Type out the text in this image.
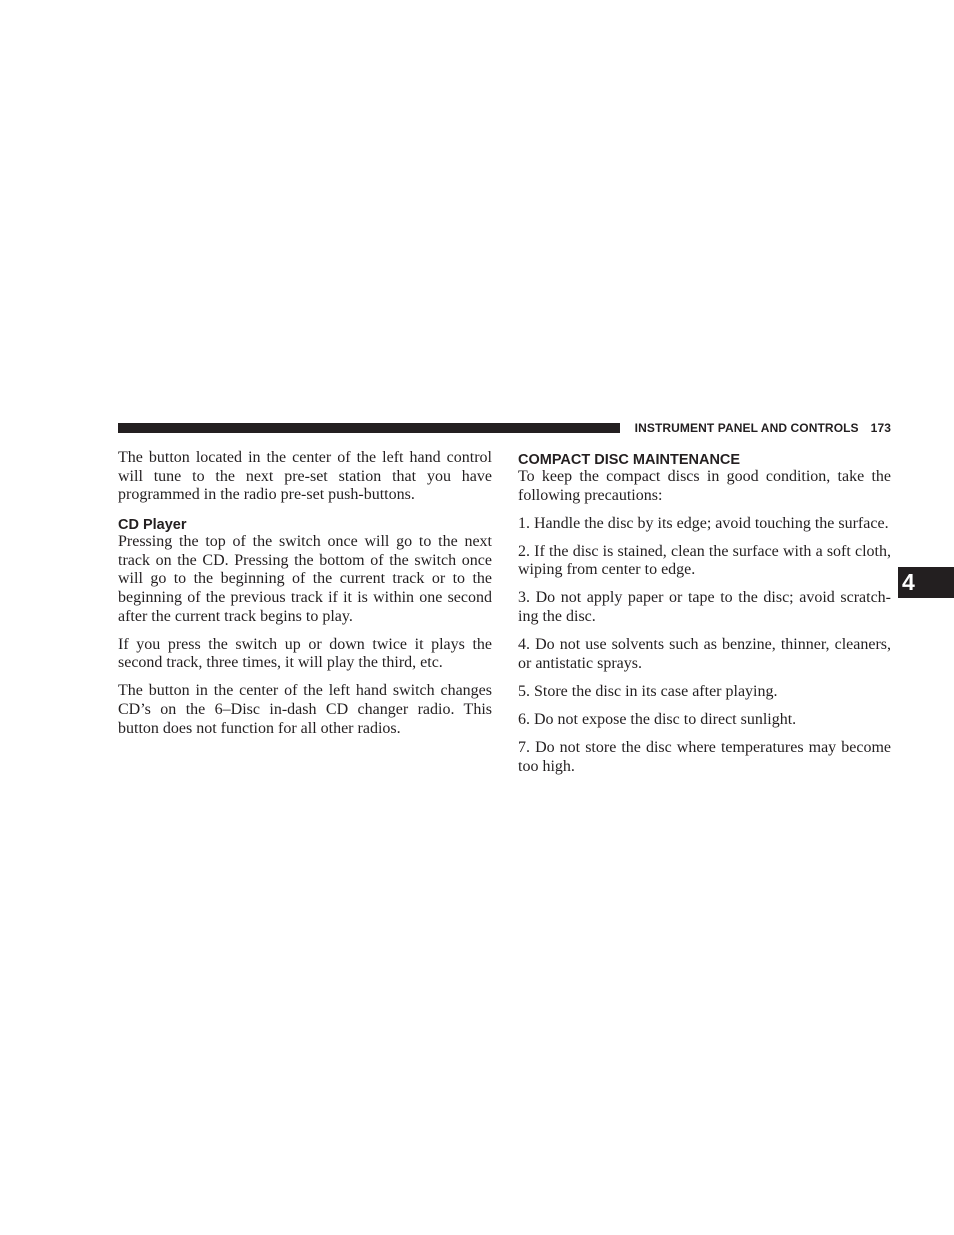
INSTRUMENT PANEL AND CONTROLS 173
4

The button located in the center of the left hand control will tune to the next pre-set station that you have programmed in the radio pre-set push-buttons.

CD Player

Pressing the top of the switch once will go to the next track on the CD. Pressing the bottom of the switch once will go to the beginning of the current track or to the beginning of the previous track if it is within one second after the current track begins to play.

If you press the switch up or down twice it plays the second track, three times, it will play the third, etc.

The button in the center of the left hand switch changes CD’s on the 6–Disc in-dash CD changer radio. This button does not function for all other radios.

COMPACT DISC MAINTENANCE

To keep the compact discs in good condition, take the following precautions:

1. Handle the disc by its edge; avoid touching the surface.

2. If the disc is stained, clean the surface with a soft cloth, wiping from center to edge.

3. Do not apply paper or tape to the disc; avoid scratch-ing the disc.

4. Do not use solvents such as benzine, thinner, cleaners, or antistatic sprays.

5. Store the disc in its case after playing.

6. Do not expose the disc to direct sunlight.

7. Do not store the disc where temperatures may become too high.
